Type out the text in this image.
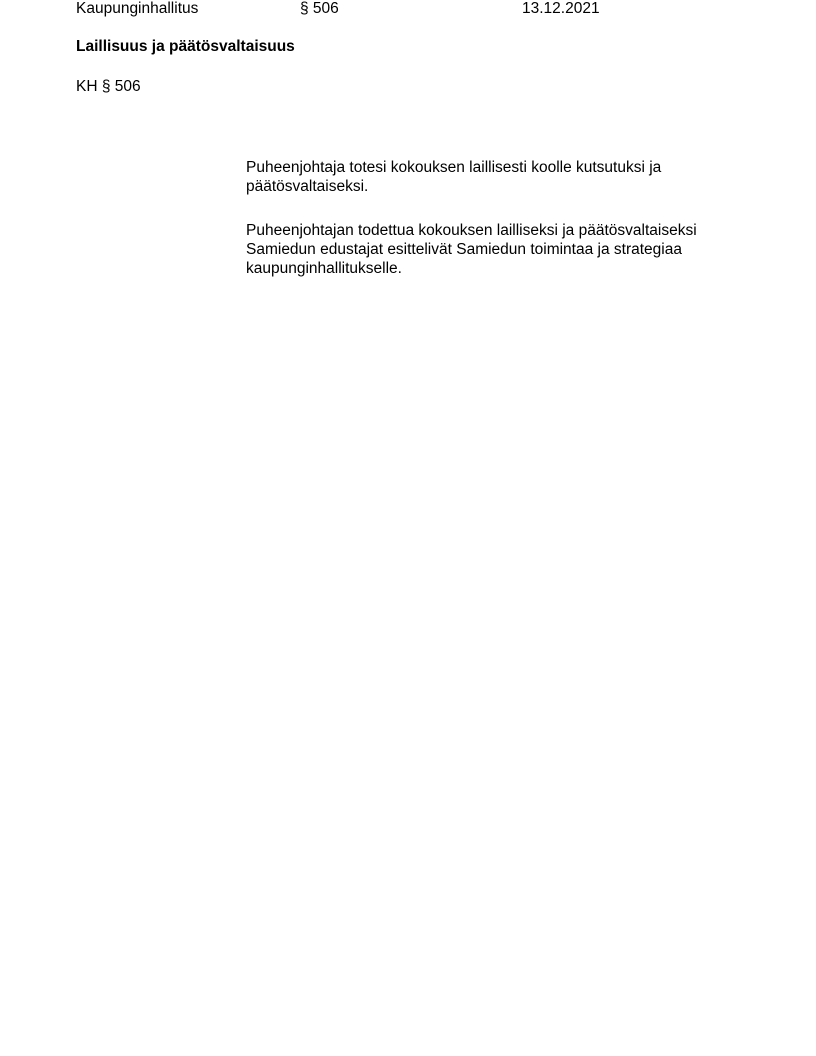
Kaupunginhallitus	§ 506	13.12.2021
Laillisuus ja päätösvaltaisuus
KH § 506

Puheenjohtaja totesi kokouksen laillisesti koolle kutsutuksi ja
päätösvaltaiseksi.

Puheenjohtajan todettua kokouksen lailliseksi ja päätösvaltaiseksi
Samiedun edustajat esittelivät Samiedun toimintaa ja strategiaa
kaupunginhallitukselle.
